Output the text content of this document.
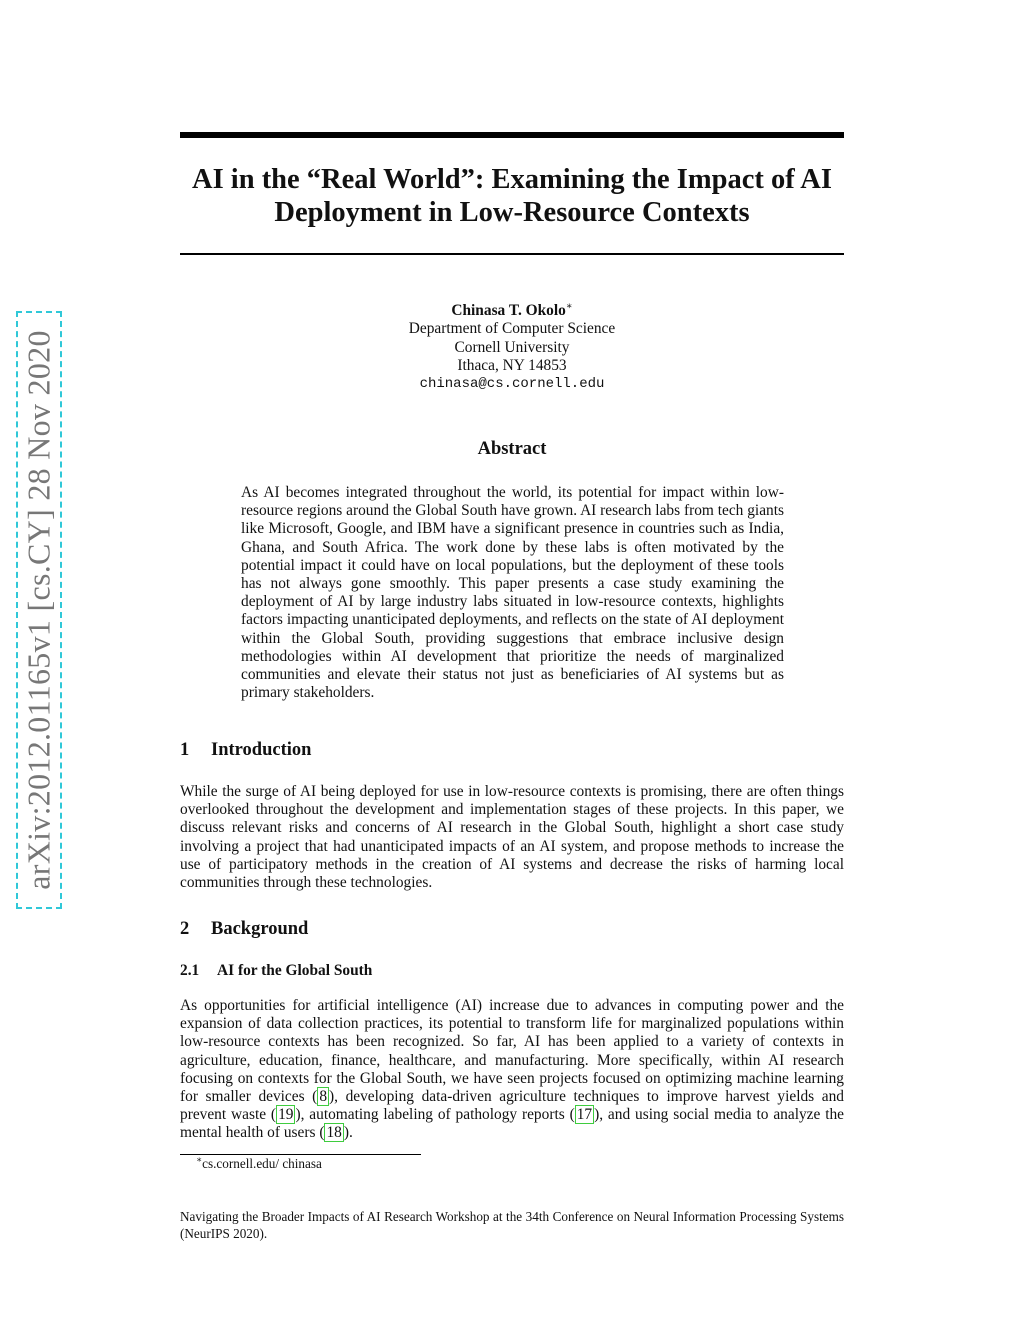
arXiv:2012.01165v1 [cs.CY] 28 Nov 2020
AI in the “Real World”: Examining the Impact of AI
Deployment in Low-Resource Contexts
Chinasa T. Okolo∗
Department of Computer Science
Cornell University
Ithaca, NY 14853
chinasa@cs.cornell.edu
Abstract

As AI becomes integrated throughout the world, its potential for impact within low-resource regions around the Global South have grown. AI research labs from tech giants like Microsoft, Google, and IBM have a significant presence in countries such as India, Ghana, and South Africa. The work done by these labs is often motivated by the potential impact it could have on local populations, but the deployment of these tools has not always gone smoothly. This paper presents a case study examining the deployment of AI by large industry labs situated in low-resource contexts, highlights factors impacting unanticipated deployments, and reflects on the state of AI deployment within the Global South, providing suggestions that embrace inclusive design methodologies within AI development that prioritize the needs of marginalized communities and elevate their status not just as beneficiaries of AI systems but as primary stakeholders.

1 Introduction

While the surge of AI being deployed for use in low-resource contexts is promising, there are often things overlooked throughout the development and implementation stages of these projects. In this paper, we discuss relevant risks and concerns of AI research in the Global South, highlight a short case study involving a project that had unanticipated impacts of an AI system, and propose methods to increase the use of participatory methods in the creation of AI systems and decrease the risks of harming local communities through these technologies.

2 Background
2.1 AI for the Global South

As opportunities for artificial intelligence (AI) increase due to advances in computing power and the expansion of data collection practices, its potential to transform life for marginalized populations within low-resource contexts has been recognized. So far, AI has been applied to a variety of contexts in agriculture, education, finance, healthcare, and manufacturing. More specifically, within AI research focusing on contexts for the Global South, we have seen projects focused on optimizing machine learning for smaller devices ( 8 ), developing data-driven agriculture techniques to improve harvest yields and prevent waste ( 19 ), automating labeling of pathology reports ( 17 ), and using social media to analyze the mental health of users ( 18 ).

∗cs.cornell.edu/ chinasa

Navigating the Broader Impacts of AI Research Workshop at the 34th Conference on Neural Information Processing Systems (NeurIPS 2020).
